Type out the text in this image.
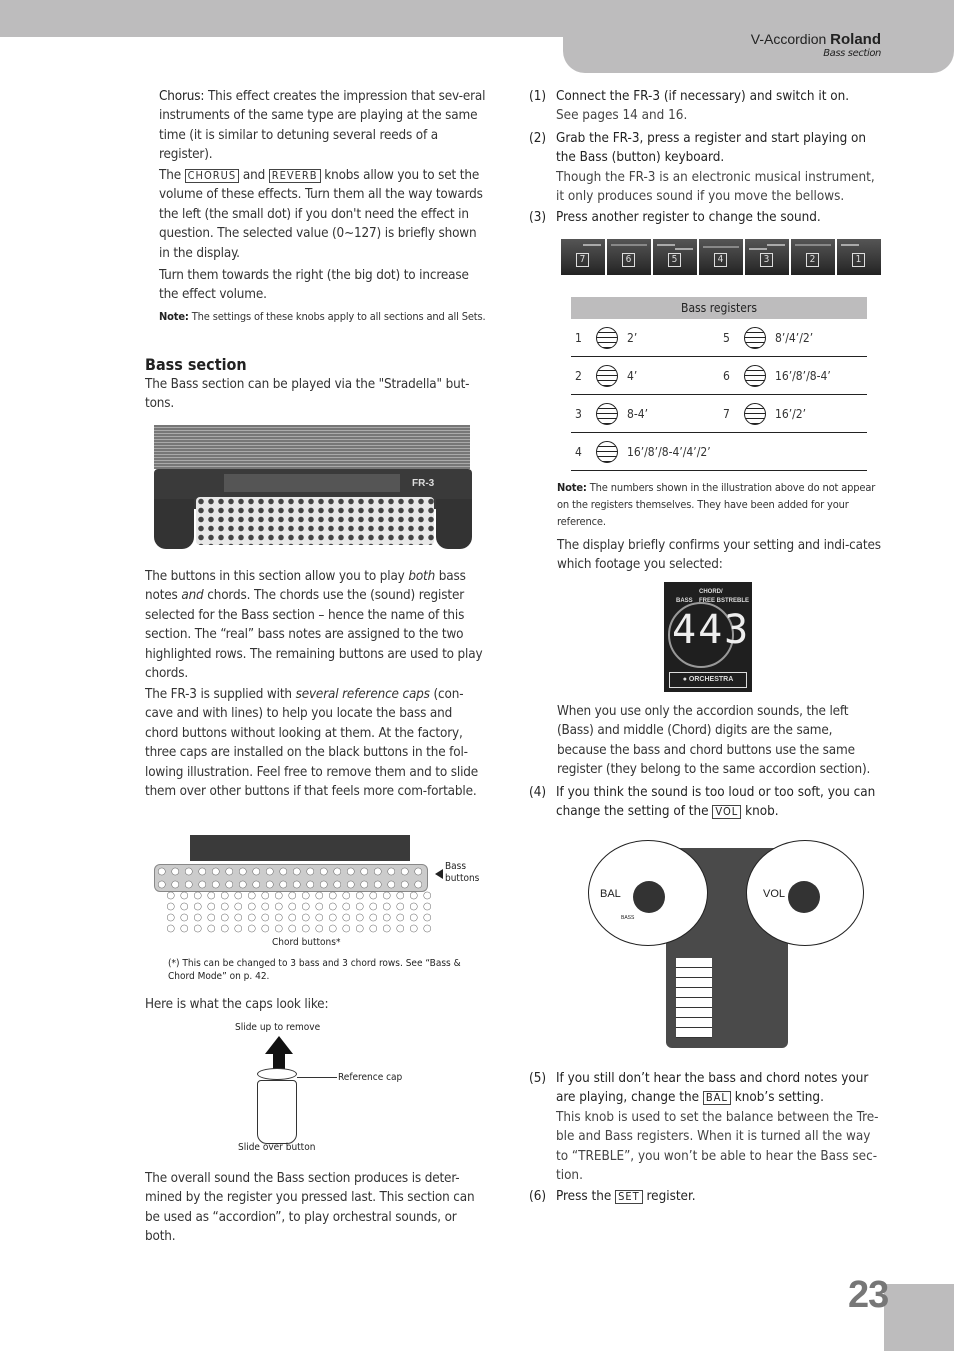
V-Accordion Roland
Bass section
Chorus: This effect creates the impression that sev-eral instruments of the same type are playing at the same time (it is similar to detuning several reeds of a register).
The CHORUS and REVERB knobs allow you to set the volume of these effects. Turn them all the way towards the left (the small dot) if you don't need the effect in question. The selected value (0~127) is briefly shown in the display.
Turn them towards the right (the big dot) to increase the effect volume.
Note: The settings of these knobs apply to all sections and all Sets.
Bass section
The Bass section can be played via the "Stradella" but-tons.
FR-3
The buttons in this section allow you to play both bass notes and chords. The chords use the (sound) register selected for the Bass section – hence the name of this section. The “real” bass notes are assigned to the two highlighted rows. The remaining buttons are used to play chords.
The FR-3 is supplied with several reference caps (con-cave and with lines) to help you locate the bass and chord buttons without looking at them. At the factory, three caps are installed on the black buttons in the fol-lowing illustration. Feel free to remove them and to slide them over other buttons if that feels more com-fortable.
Bass buttons
Chord buttons*
(*) This can be changed to 3 bass and 3 chord rows. See “Bass & Chord Mode” on p. 42.
Here is what the caps look like:
Slide up to remove
Reference cap
Slide over button
The overall sound the Bass section produces is deter-mined by the register you pressed last. This section can be used as “accordion”, to play orchestral sounds, or both.
(1) Connect the FR-3 (if necessary) and switch it on.
See pages 14 and 16.
(2) Grab the FR-3, press a register and start playing on the Bass (button) keyboard.
Though the FR-3 is an electronic musical instrument, it only produces sound if you move the bellows.
(3) Press another register to change the sound.
7	6	5	4	3	2	1
Bass registers
1	2’	5	8’/4’/2’
2	4’	6	16’/8’/8-4’
3	8-4’	7	16’/2’
4	16’/8’/8-4’/4’/2’
Note: The numbers shown in the illustration above do not appear on the registers themselves. They have been added for your reference.
The display briefly confirms your setting and indi-cates which footage you selected:
BASS
CHORD/
FREE BS TREBLE
443
● ORCHESTRA
When you use only the accordion sounds, the left (Bass) and middle (Chord) digits are the same, because the bass and chord buttons use the same register (they belong to the same accordion section).
(4) If you think the sound is too loud or too soft, you can change the setting of the VOL knob.
BAL
BASS
VOL
(5) If you still don’t hear the bass and chord notes your are playing, change the BAL knob’s setting.
This knob is used to set the balance between the Tre-ble and Bass registers. When it is turned all the way to “TREBLE”, you won’t be able to hear the Bass sec-tion.
(6) Press the SET register.
23
